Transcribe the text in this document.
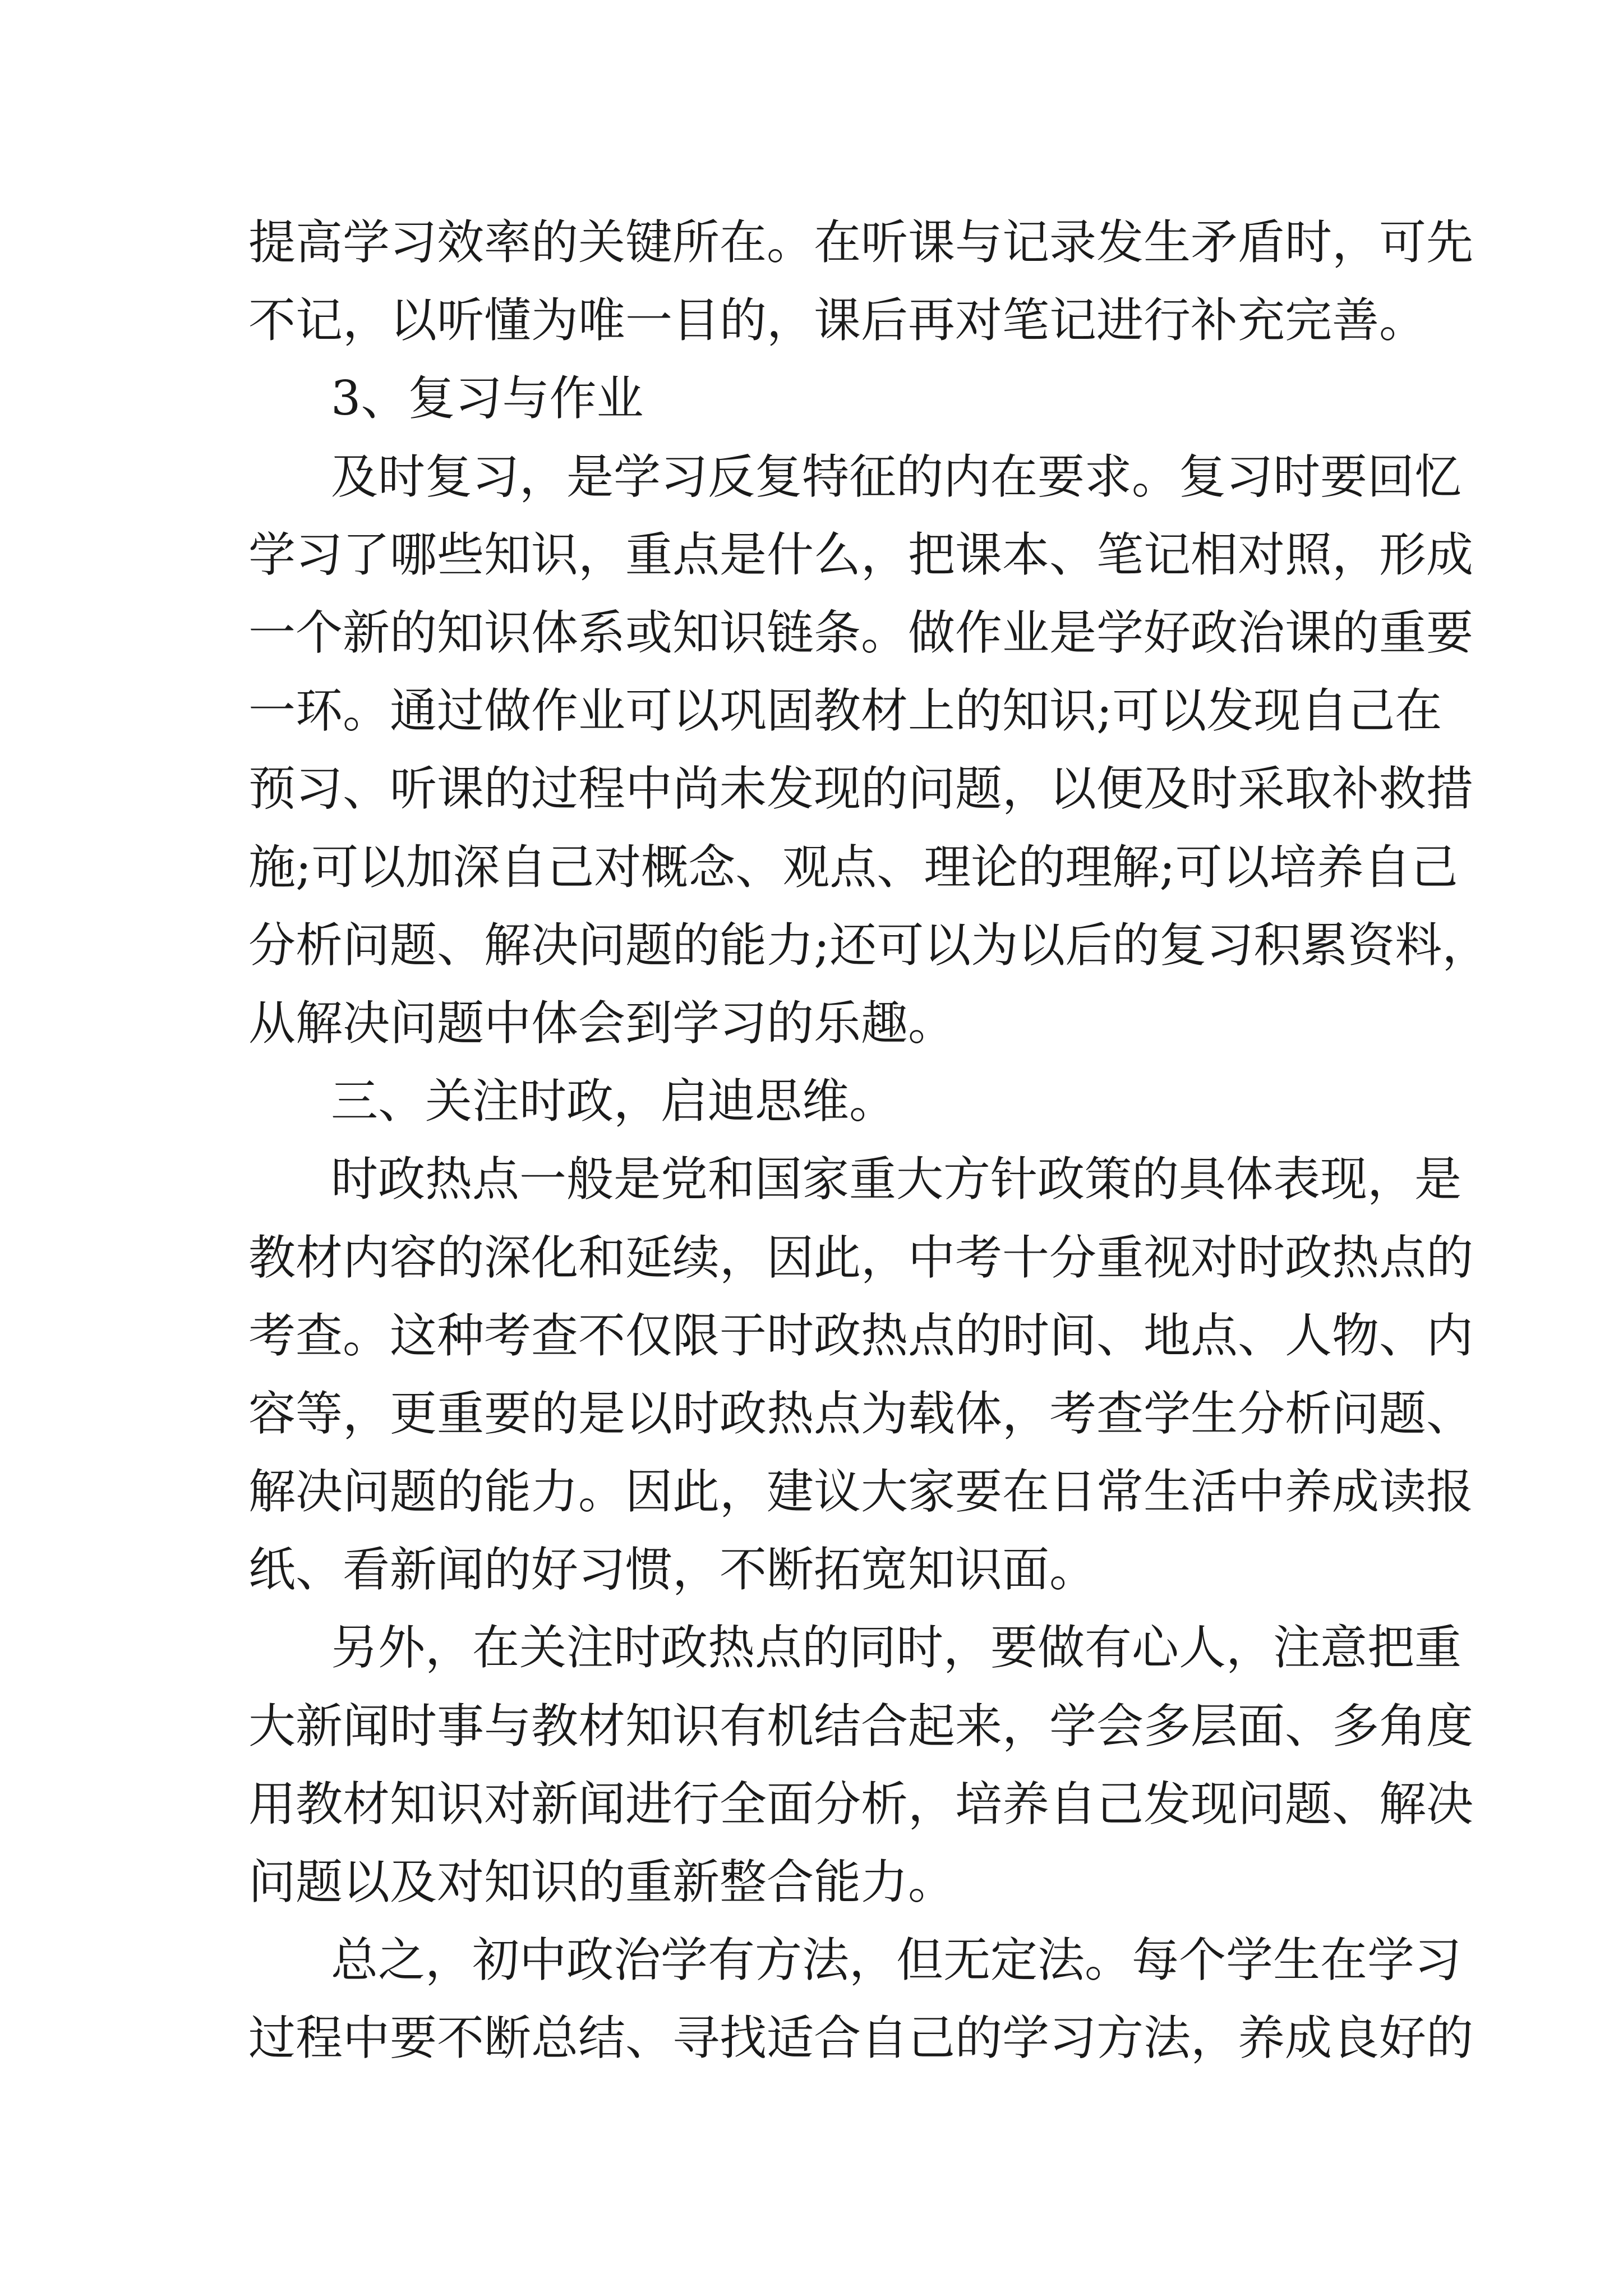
提高学习效率的关键所在。在听课与记录发生矛盾时，可先
不记，以听懂为唯一目的，课后再对笔记进行补充完善。
3、复习与作业
及时复习，是学习反复特征的内在要求。复习时要回忆
学习了哪些知识，重点是什么，把课本、笔记相对照，形成
一个新的知识体系或知识链条。做作业是学好政治课的重要
一环。通过做作业可以巩固教材上的知识;可以发现自己在
预习、听课的过程中尚未发现的问题，以便及时采取补救措
施;可以加深自己对概念、观点、理论的理解;可以培养自己
分析问题、解决问题的能力;还可以为以后的复习积累资料，
从解决问题中体会到学习的乐趣。
三、关注时政，启迪思维。
时政热点一般是党和国家重大方针政策的具体表现，是
教材内容的深化和延续，因此，中考十分重视对时政热点的
考查。这种考查不仅限于时政热点的时间、地点、人物、内
容等，更重要的是以时政热点为载体，考查学生分析问题、
解决问题的能力。因此，建议大家要在日常生活中养成读报
纸、看新闻的好习惯，不断拓宽知识面。
另外，在关注时政热点的同时，要做有心人，注意把重
大新闻时事与教材知识有机结合起来，学会多层面、多角度
用教材知识对新闻进行全面分析，培养自己发现问题、解决
问题以及对知识的重新整合能力。
总之，初中政治学有方法，但无定法。每个学生在学习
过程中要不断总结、寻找适合自己的学习方法，养成良好的
